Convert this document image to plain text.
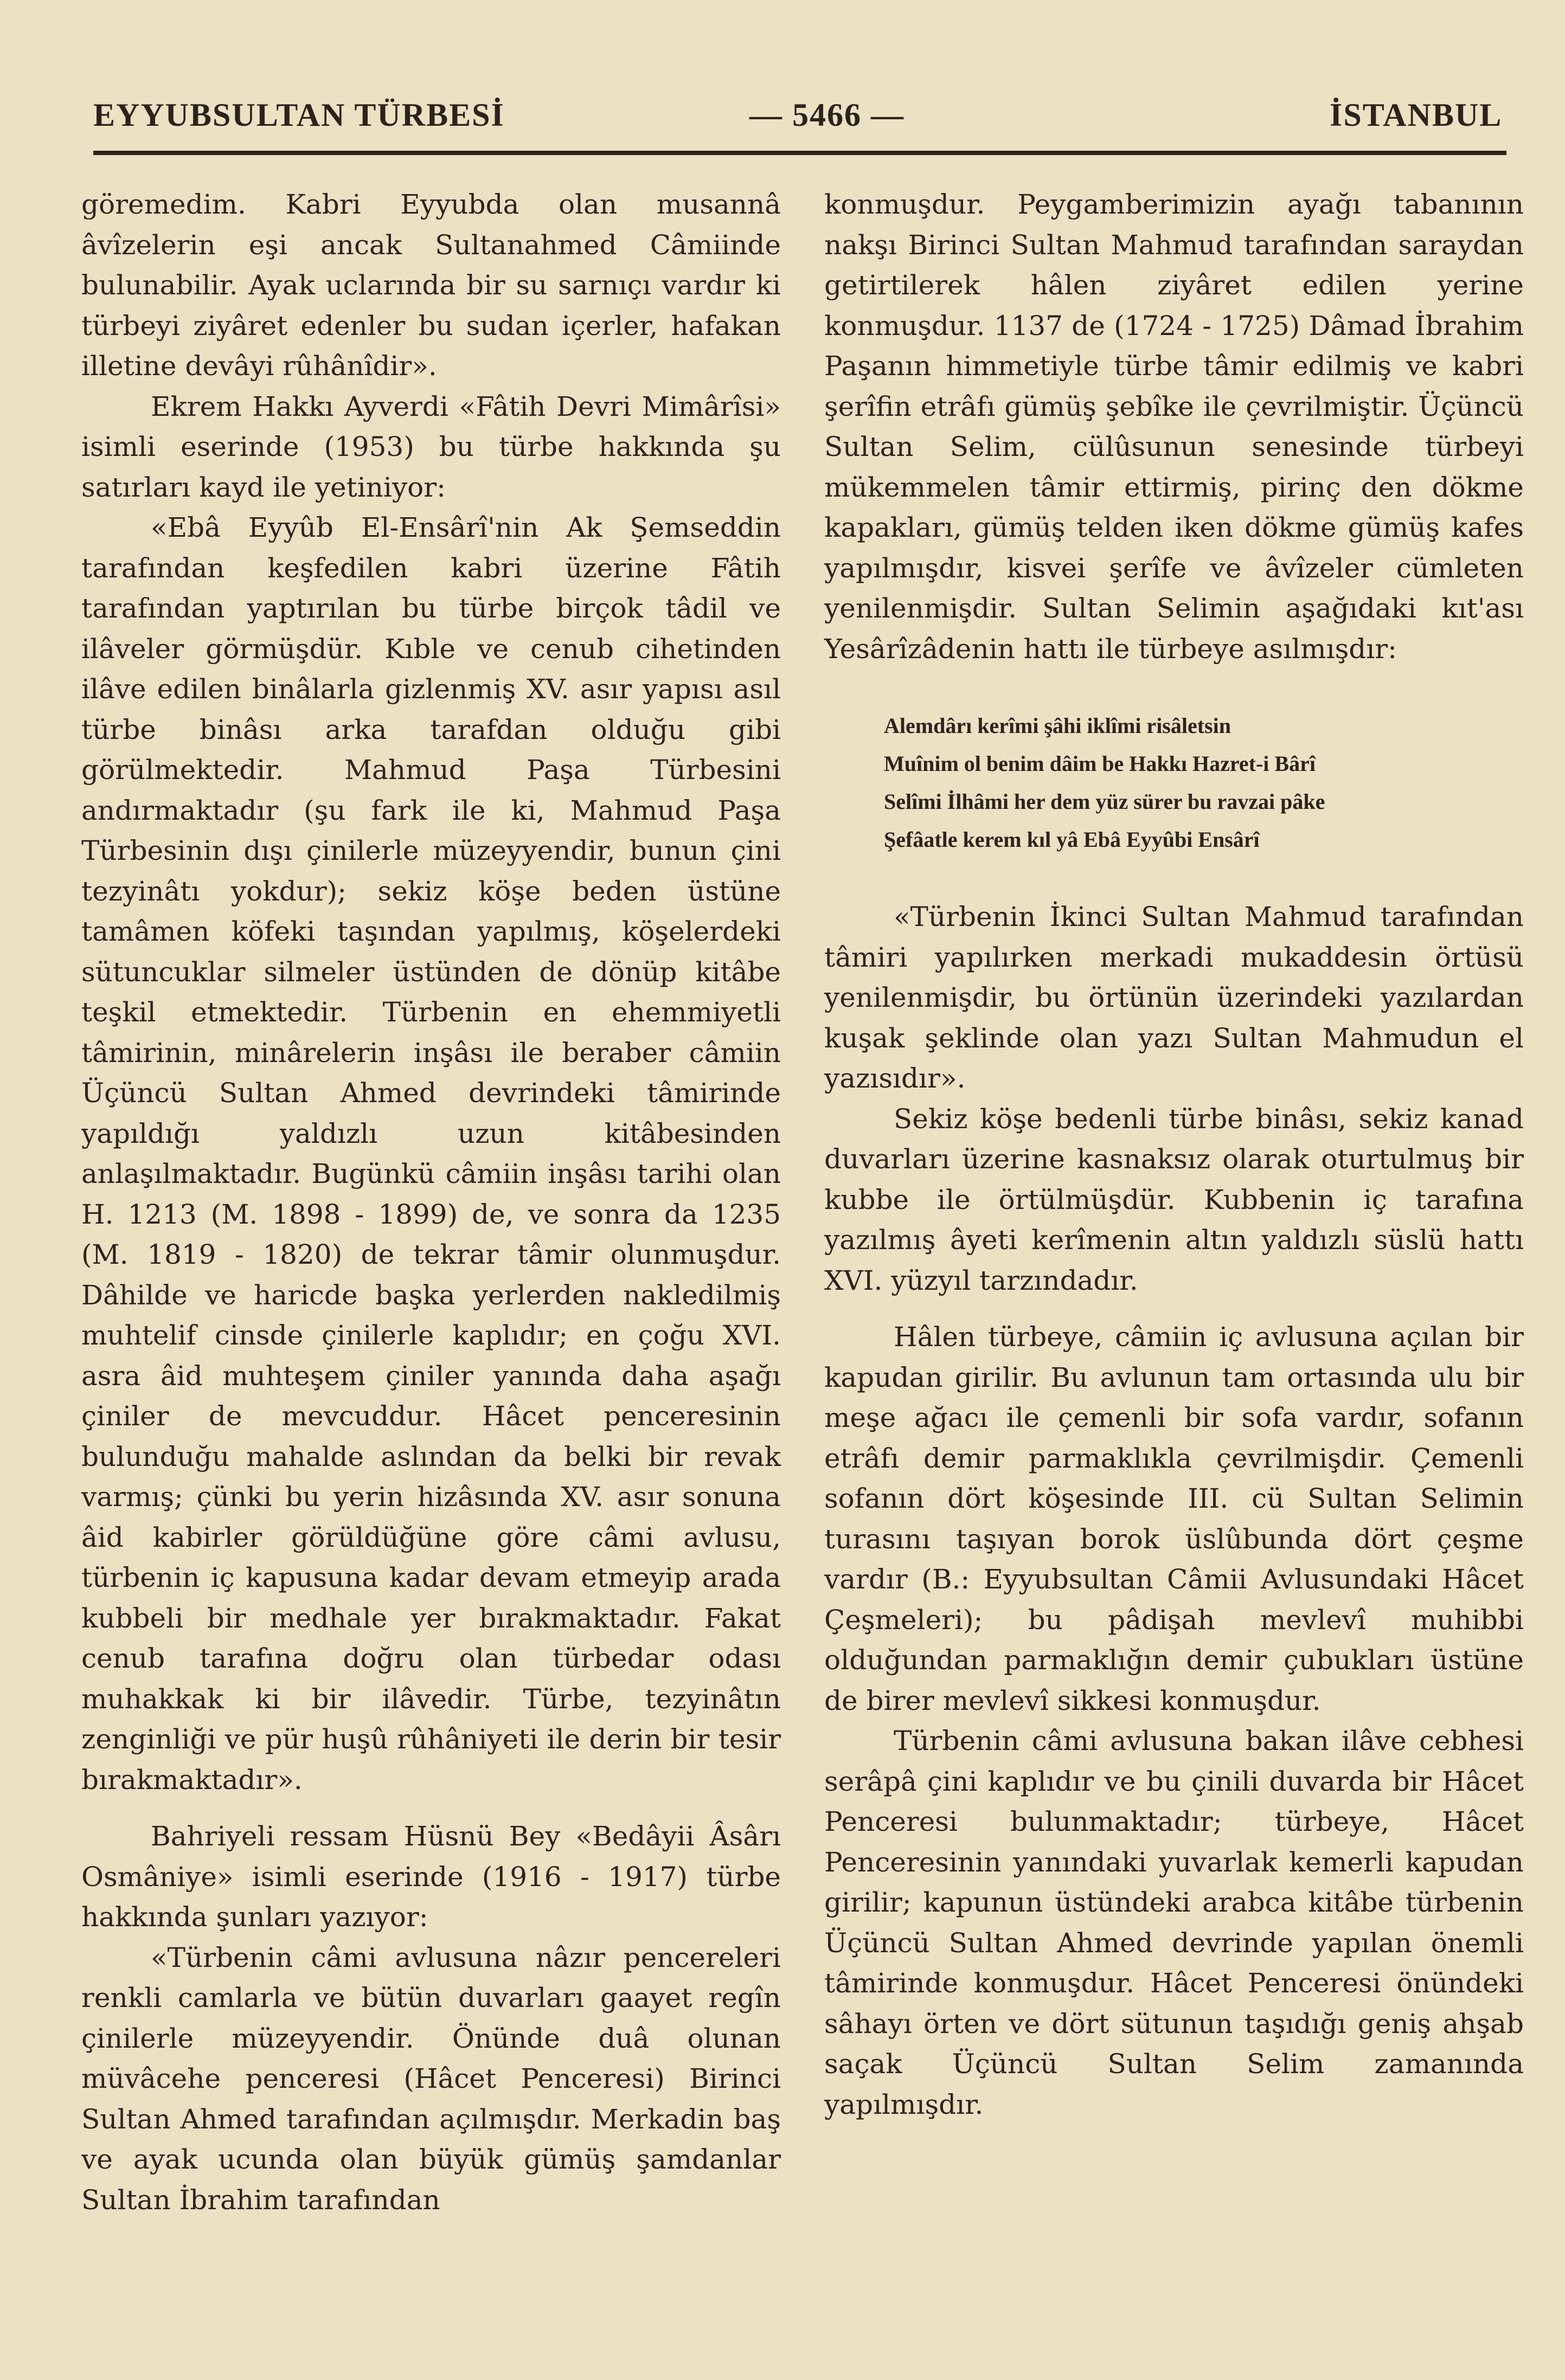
EYYUBSULTAN TÜRBESİ	— 5466 —	İSTANBUL

göremedim. Kabri Eyyubda olan musannâ âvîzelerin eşi ancak Sultanahmed Câmiinde bulunabilir. Ayak uclarında bir su sarnıçı vardır ki türbeyi ziyâret edenler bu sudan içerler, hafakan illetine devâyi rûhânîdir».

Ekrem Hakkı Ayverdi «Fâtih Devri Mimârîsi» isimli eserinde (1953) bu türbe hakkında şu satırları kayd ile yetiniyor:

«Ebâ Eyyûb El-Ensârî'nin Ak Şemseddin tarafından keşfedilen kabri üzerine Fâtih tarafından yaptırılan bu türbe birçok tâdil ve ilâveler görmüşdür. Kıble ve cenub cihetinden ilâve edilen binâlarla gizlenmiş XV. asır yapısı asıl türbe binâsı arka tarafdan olduğu gibi görülmektedir. Mahmud Paşa Türbesini andırmaktadır (şu fark ile ki, Mahmud Paşa Türbesinin dışı çinilerle müzeyyendir, bunun çini tezyinâtı yokdur); sekiz köşe beden üstüne tamâmen köfeki taşından yapılmış, köşelerdeki sütuncuklar silmeler üstünden de dönüp kitâbe teşkil etmektedir. Türbenin en ehemmiyetli tâmirinin, minârelerin inşâsı ile beraber câmiin Üçüncü Sultan Ahmed devrindeki tâmirinde yapıldığı yaldızlı uzun kitâbesinden anlaşılmaktadır. Bugünkü câmiin inşâsı tarihi olan H. 1213 (M. 1898 - 1899) de, ve sonra da 1235 (M. 1819 - 1820) de tekrar tâmir olunmuşdur. Dâhilde ve haricde başka yerlerden nakledilmiş muhtelif cinsde çinilerle kaplıdır; en çoğu XVI. asra âid muhteşem çiniler yanında daha aşağı çiniler de mevcuddur. Hâcet penceresinin bulunduğu mahalde aslından da belki bir revak varmış; çünki bu yerin hizâsında XV. asır sonuna âid kabirler görüldüğüne göre câmi avlusu, türbenin iç kapusuna kadar devam etmeyip arada kubbeli bir medhale yer bırakmaktadır. Fakat cenub tarafına doğru olan türbedar odası muhakkak ki bir ilâvedir. Türbe, tezyinâtın zenginliği ve pür huşû rûhâniyeti ile derin bir tesir bırakmaktadır».

Bahriyeli ressam Hüsnü Bey «Bedâyii Âsârı Osmâniye» isimli eserinde (1916 - 1917) türbe hakkında şunları yazıyor:

«Türbenin câmi avlusuna nâzır pencereleri renkli camlarla ve bütün duvarları gaayet regîn çinilerle müzeyyendir. Önünde duâ olunan müvâcehe penceresi (Hâcet Penceresi) Birinci Sultan Ahmed tarafından açılmışdır. Merkadin baş ve ayak ucunda olan büyük gümüş şamdanlar Sultan İbrahim tarafından

konmuşdur. Peygamberimizin ayağı tabanının nakşı Birinci Sultan Mahmud tarafından saraydan getirtilerek hâlen ziyâret edilen yerine konmuşdur. 1137 de (1724 - 1725) Dâmad İbrahim Paşanın himmetiyle türbe tâmir edilmiş ve kabri şerîfin etrâfı gümüş şebîke ile çevrilmiştir. Üçüncü Sultan Selim, cülûsunun senesinde türbeyi mükemmelen tâmir ettirmiş, pirinç den dökme kapakları, gümüş telden iken dökme gümüş kafes yapılmışdır, kisvei şerîfe ve âvîzeler cümleten yenilenmişdir. Sultan Selimin aşağıdaki kıt'ası Yesârîzâdenin hattı ile türbeye asılmışdır:

Alemdârı kerîmi şâhi iklîmi risâletsin
Muînim ol benim dâim be Hakkı Hazret-i Bârî
Selîmi İlhâmi her dem yüz sürer bu ravzai pâke
Şefâatle kerem kıl yâ Ebâ Eyyûbi Ensârî

«Türbenin İkinci Sultan Mahmud tarafından tâmiri yapılırken merkadi mukaddesin örtüsü yenilenmişdir, bu örtünün üzerindeki yazılardan kuşak şeklinde olan yazı Sultan Mahmudun el yazısıdır».

Sekiz köşe bedenli türbe binâsı, sekiz kanad duvarları üzerine kasnaksız olarak oturtulmuş bir kubbe ile örtülmüşdür. Kubbenin iç tarafına yazılmış âyeti kerîmenin altın yaldızlı süslü hattı XVI. yüzyıl tarzındadır.

Hâlen türbeye, câmiin iç avlusuna açılan bir kapudan girilir. Bu avlunun tam ortasında ulu bir meşe ağacı ile çemenli bir sofa vardır, sofanın etrâfı demir parmaklıkla çevrilmişdir. Çemenli sofanın dört köşesinde III. cü Sultan Selimin turasını taşıyan borok üslûbunda dört çeşme vardır (B.: Eyyubsultan Câmii Avlusundaki Hâcet Çeşmeleri); bu pâdişah mevlevî muhibbi olduğundan parmaklığın demir çubukları üstüne de birer mevlevî sikkesi konmuşdur.

Türbenin câmi avlusuna bakan ilâve cebhesi serâpâ çini kaplıdır ve bu çinili duvarda bir Hâcet Penceresi bulunmaktadır; türbeye, Hâcet Penceresinin yanındaki yuvarlak kemerli kapudan girilir; kapunun üstündeki arabca kitâbe türbenin Üçüncü Sultan Ahmed devrinde yapılan önemli tâmirinde konmuşdur. Hâcet Penceresi önündeki sâhayı örten ve dört sütunun taşıdığı geniş ahşab saçak Üçüncü Sultan Selim zamanında yapılmışdır.
